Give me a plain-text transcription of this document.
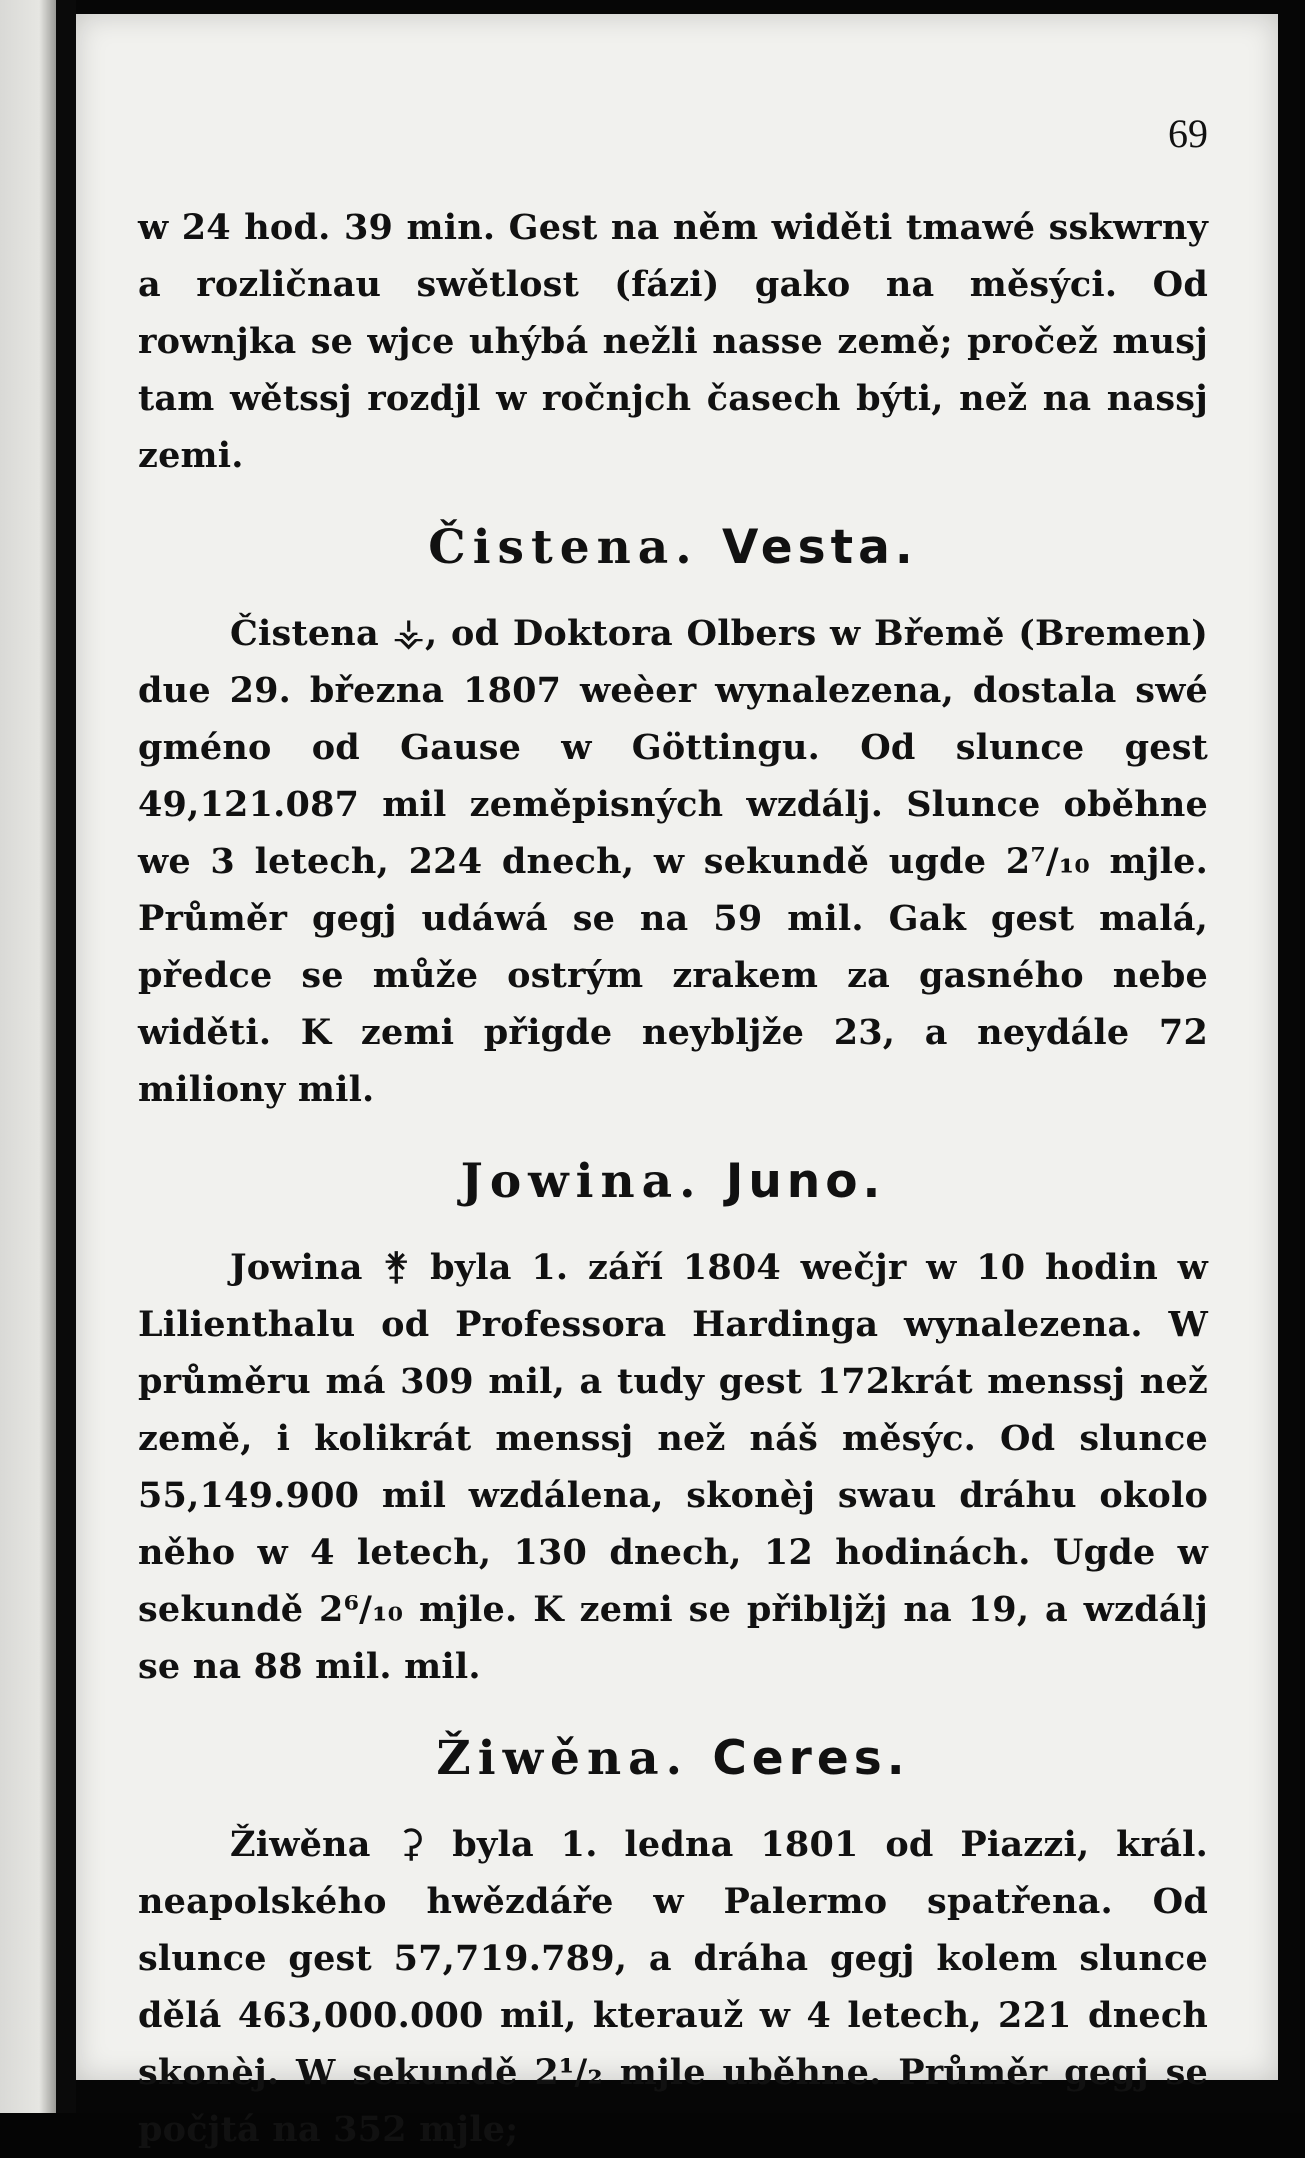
69

w 24 hod. 39 min. Gest na něm widěti tmawé sskwrny a rozličnau swětlost (fázi) gako na měsýci. Od rownjka se wjce uhýbá nežli nasse země; pročež musj tam wětssj rozdjl w ročnjch časech býti, než na nassj zemi.

Čistena. Vesta.

Čistena ⚶, od Doktora Olbers w Břemě (Bremen) due 29. března 1807 weèer wynalezena, dostala swé gméno od Gause w Göttingu. Od slunce gest 49,121.087 mil zeměpisných wzdálj. Slunce oběhne we 3 letech, 224 dnech, w sekundě ugde 2⁷/₁₀ mjle. Průměr gegj udáwá se na 59 mil. Gak gest malá, předce se může ostrým zrakem za gasného nebe widěti. K zemi přigde neyblјže 23, a neydále 72 miliony mil.

Jowina. Juno.

Jowina ⚵ byla 1. září 1804 wečjr w 10 hodin w Lilienthalu od Professora Hardinga wynalezena. W průměru má 309 mil, a tudy gest 172krát menssj než země, i kolikrát menssj než náš měsýc. Od slunce 55,149.900 mil wzdálena, skonèj swau dráhu okolo něho w 4 letech, 130 dnech, 12 hodinách. Ugde w sekundě 2⁶/₁₀ mjle. K zemi se přiblјžj na 19, a wzdálj se na 88 mil. mil.

Žiwěna. Ceres.

Žiwěna ⚳ byla 1. ledna 1801 od Piazzi, král. neapolského hwězdáře w Palermo spatřena. Od slunce gest 57,719.789, a dráha gegj kolem slunce dělá 463,000.000 mil, kterauž w 4 letech, 221 dnech skonèj. W sekundě 2¹/₂ mjle uběhne. Průměr gegj se počjtá na 352 mjle;
